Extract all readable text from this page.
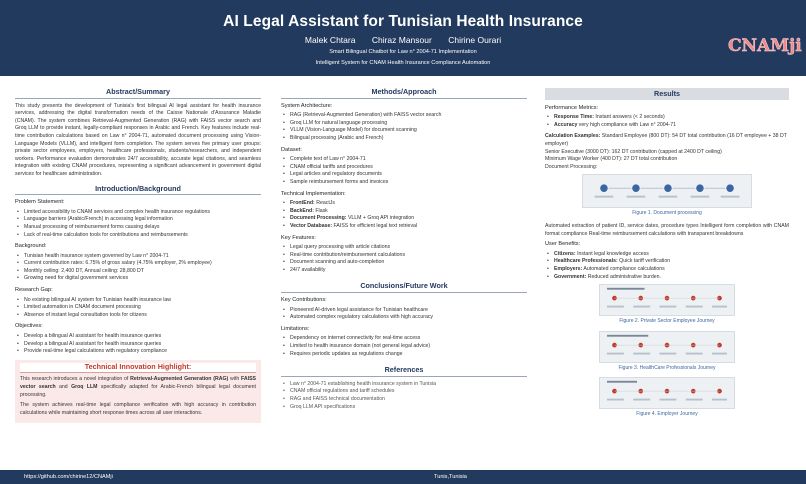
AI Legal Assistant for Tunisian Health Insurance
Malek Chtara Chiraz Mansour Chirine Ourari
Smart Bilingual Chatbot for Law n° 2004-71 Implementation
Intelligent System for CNAM Health Insurance Compliance Automation
CNAMji
Abstract/Summary

This study presents the development of Tunisia's first bilingual AI legal assistant for health insurance services, addressing the digital transformation needs of the Caisse Nationale d'Assurance Maladie (CNAM). The system combines Retrieval-Augmented Generation (RAG) with FAISS vector search and Groq LLM to provide instant, legally-compliant responses in Arabic and French. Key features include real-time contribution calculations based on Law n° 2004-71, automated document processing using Vision-Language Models (VLLM), and intelligent form completion. The system serves five primary user groups: private sector employees, employers, healthcare professionals, students/researchers, and independent workers. Performance evaluation demonstrates 24/7 accessibility, accurate legal citations, and seamless integration with existing CNAM procedures, representing a significant advancement in government digital services for healthcare administration.

Introduction/Background
Problem Statement:
• Limited accessibility to CNAM services and complex health insurance regulations
• Language barriers (Arabic/French) in accessing legal information
• Manual processing of reimbursement forms causing delays
• Lack of real-time calculation tools for contributions and reimbursements
Background:
• Tunisian health insurance system governed by Law n° 2004-71
• Current contribution rates: 6.75% of gross salary (4.75% employer, 2% employee)
• Monthly ceiling: 2,400 DT, Annual ceiling: 28,800 DT
• Growing need for digital government services
Research Gap:
• No existing bilingual AI system for Tunisian health insurance law
• Limited automation in CNAM document processing
• Absence of instant legal consultation tools for citizens
Objectives:
• Develop a bilingual AI assistant for health insurance queries
• Develop a bilingual AI assistant for health insurance queries
• Provide real-time legal calculations with regulatory compliance
Technical Innovation Highlight:

This research introduces a novel integration of Retrieval-Augmented Generation (RAG) with FAISS vector search and Groq LLM specifically adapted for Arabic-French bilingual legal document processing.

The system achieves real-time legal compliance verification with high accuracy in contribution calculations while maintaining short response times across all user interactions.

Methods/Approach
System Architecture:
• RAG (Retrieval-Augmented Generation) with FAISS vector search
• Groq LLM for natural language processing
• VLLM (Vision-Language Model) for document scanning
• Bilingual processing (Arabic and French)
Dataset:
• Complete text of Law n° 2004-71
• CNAM official tariffs and procedures
• Legal articles and regulatory documents
• Sample reimbursement forms and invoices
Technical Implementation:
• FrontEnd: ReactJs
• BackEnd: Flask
• Document Processing: VLLM + Groq API integration
• Vector Database: FAISS for efficient legal text retrieval
Key Features:
• Legal query processing with article citations
• Real-time contribution/reimbursement calculations
• Document scanning and auto-completion
• 24/7 availability
Conclusions/Future Work
Key Contributions:
• Pioneered AI-driven legal assistance for Tunisian healthcare
• Automated complex regulatory calculations with high accuracy
Limitations:
• Dependency on internet connectivity for real-time access
• Limited to health insurance domain (not general legal advice)
• Requires periodic updates as regulations change
References
• Law n° 2004-71 establishing health insurance system in Tunisia
• CNAM official regulations and tariff schedules
• RAG and FAISS technical documentation
• Groq LLM API specifications
Results
Performance Metrics:
• Response Time: Instant answers (< 2 seconds)
• Accuracy very high compliance with Law n° 2004-71
Calculation Examples: Standard Employee (800 DT): 54 DT total contribution (16 DT employee + 38 DT employer)
Senior Executive (3000 DT): 162 DT contribution (capped at 2400 DT ceiling)
Minimum Wage Worker (400 DT): 27 DT total contribution
Document Processing:
Figure 1. Document processing

Automated extraction of patient ID, service dates, procedure types Intelligent form completion with CNAM format compliance Real-time reimbursement calculations with transparent breakdowns

User Benefits:
• Citizens: Instant legal knowledge access
• Healthcare Professionals: Quick tariff verification
• Employers: Automated compliance calculations
• Government: Reduced administrative burden.
Figure 2. Private Sector Employee Journey
Figure 3. HealthCare Professionals Journey
Figure 4. Employer Journey
https://github.com/chirine12/CNAMji	Tunis,Tunisia
